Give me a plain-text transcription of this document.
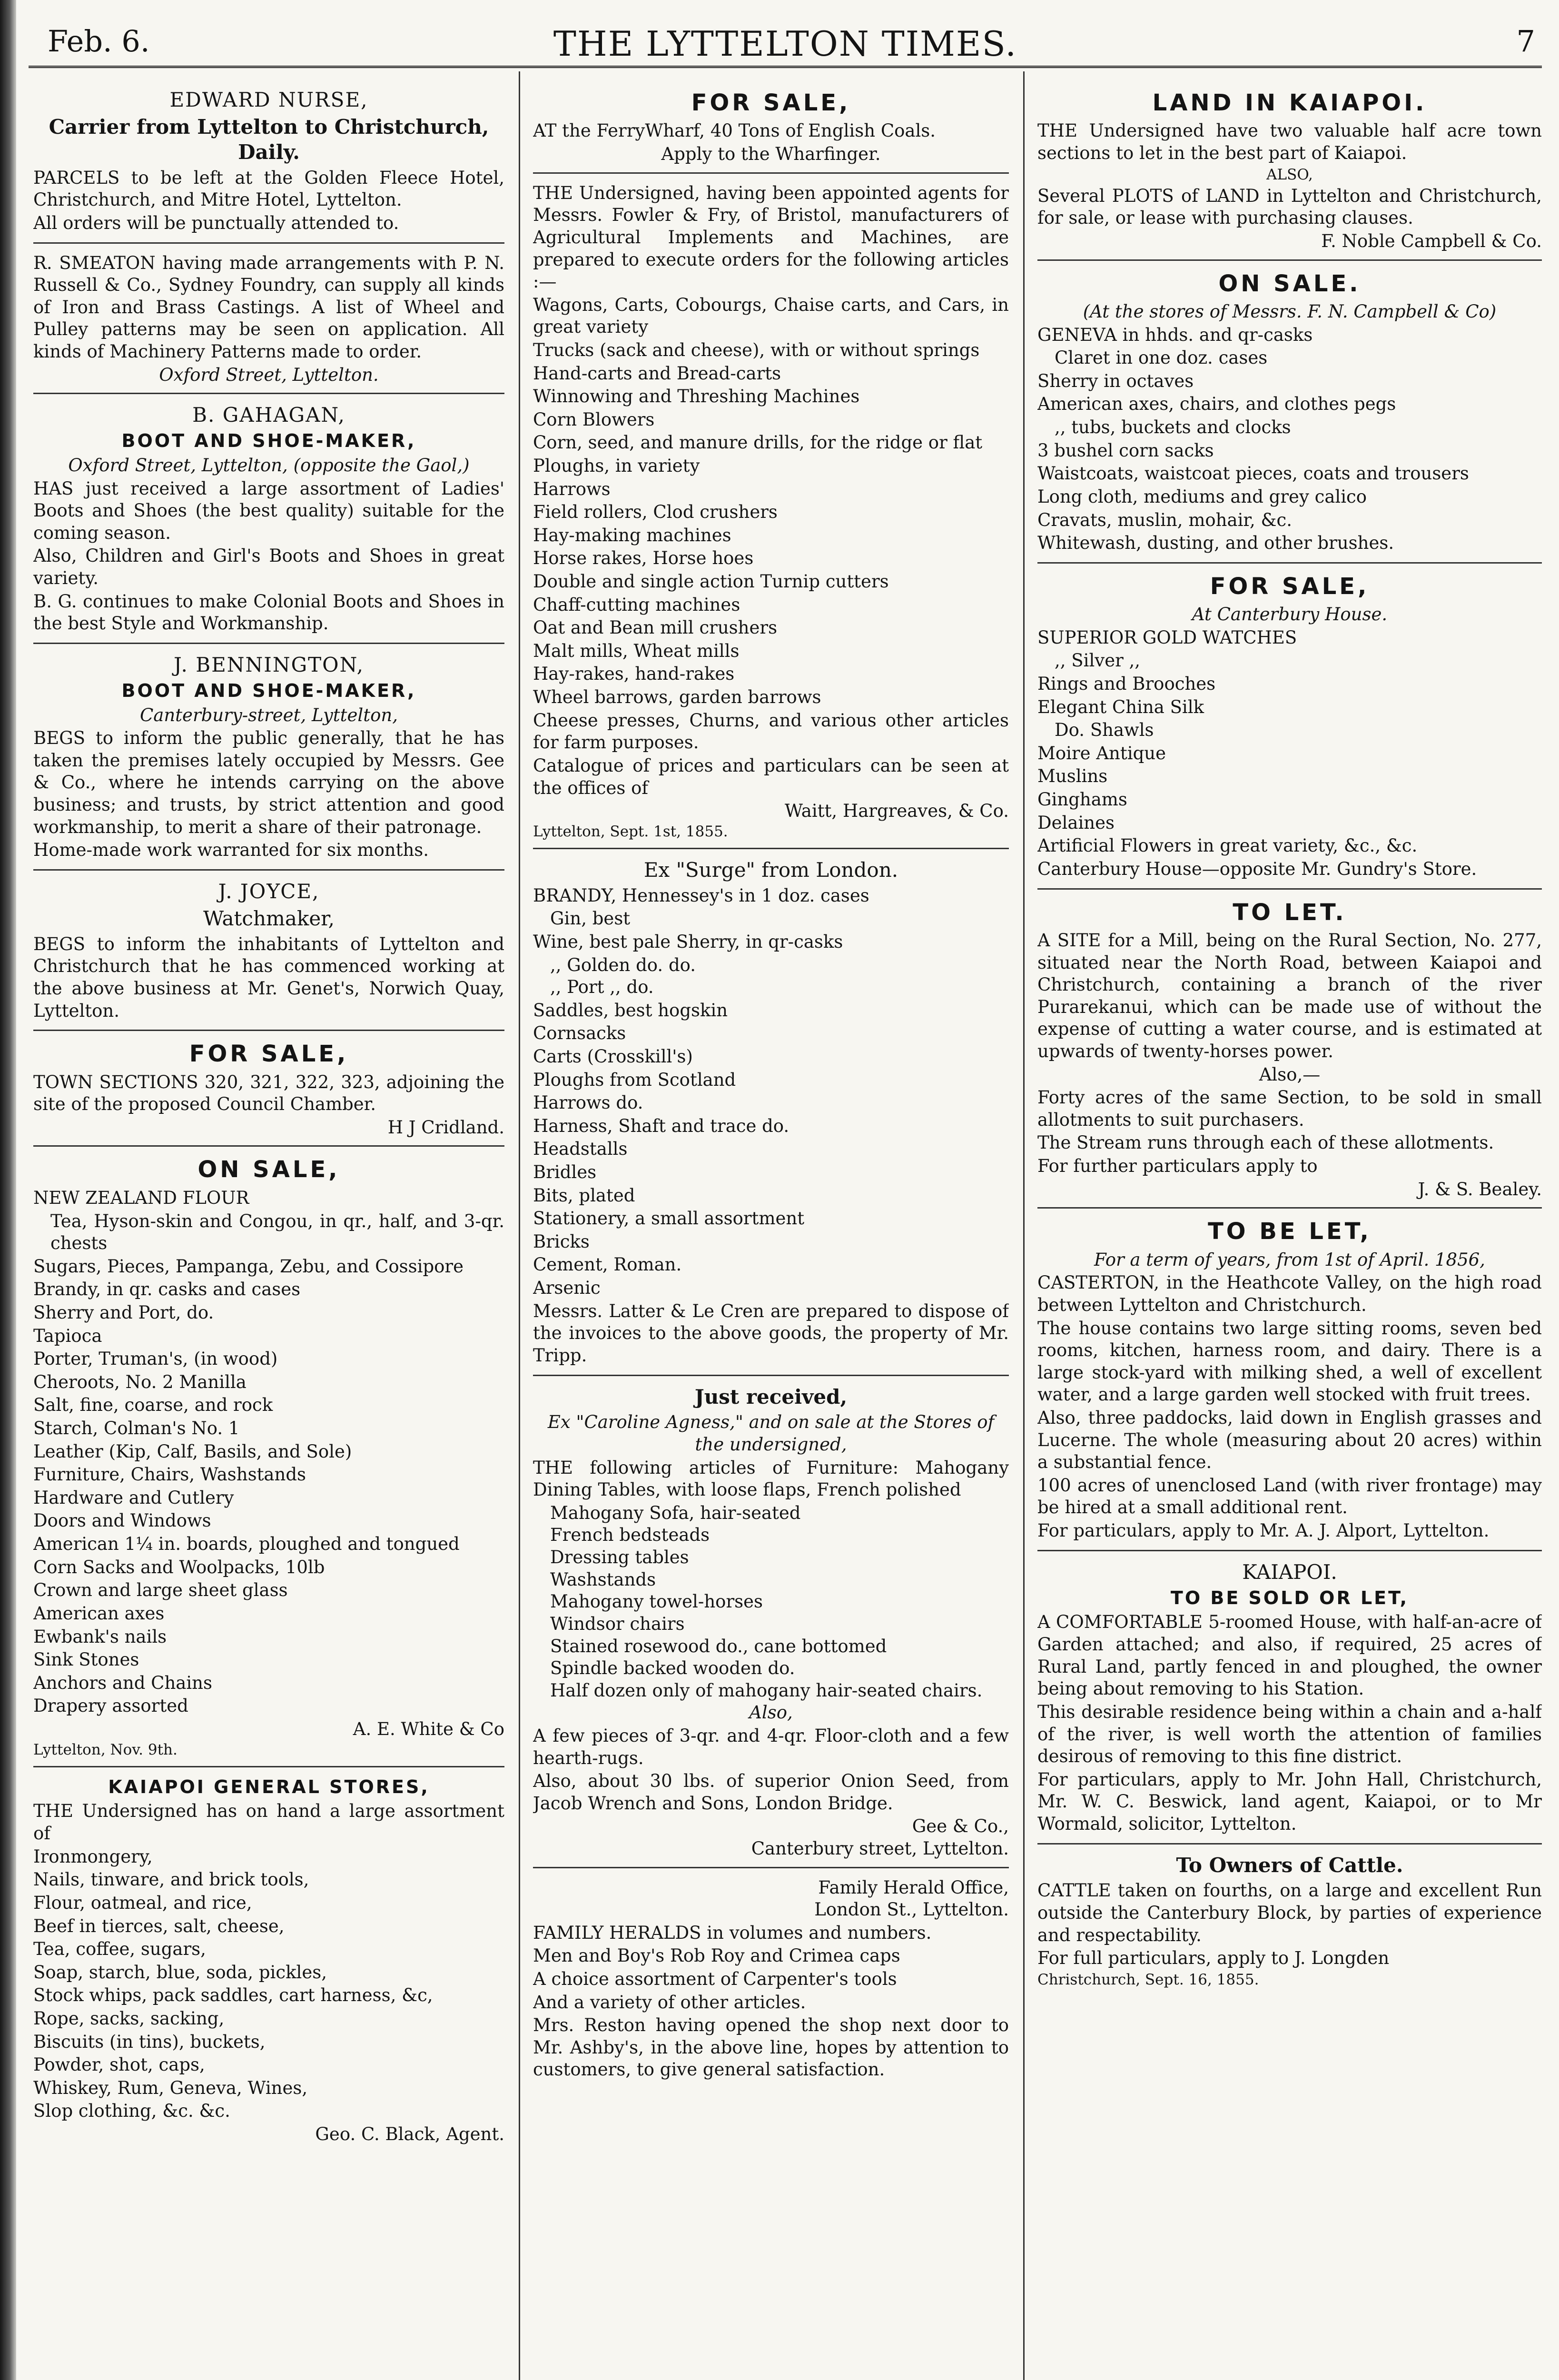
Feb. 6.	THE LYTTELTON TIMES.	7
EDWARD NURSE,
Carrier from Lyttelton to Christchurch, Daily.
PARCELS to be left at the Golden Fleece Hotel, Christchurch, and Mitre Hotel, Lyttelton.
All orders will be punctually attended to.
R. SMEATON having made arrangements with P. N. Russell & Co., Sydney Foundry, can supply all kinds of Iron and Brass Castings. A list of Wheel and Pulley patterns may be seen on application. All kinds of Machinery Patterns made to order.
Oxford Street, Lyttelton.
B. GAHAGAN,
BOOT AND SHOE-MAKER,
Oxford Street, Lyttelton, (opposite the Gaol,)
HAS just received a large assortment of Ladies' Boots and Shoes (the best quality) suitable for the coming season.
Also, Children and Girl's Boots and Shoes in great variety.
B. G. continues to make Colonial Boots and Shoes in the best Style and Workmanship.
J. BENNINGTON,
BOOT AND SHOE-MAKER,
Canterbury-street, Lyttelton,
BEGS to inform the public generally, that he has taken the premises lately occupied by Messrs. Gee & Co., where he intends carrying on the above business; and trusts, by strict attention and good workmanship, to merit a share of their patronage.
Home-made work warranted for six months.
J. JOYCE,
Watchmaker,
BEGS to inform the inhabitants of Lyttelton and Christchurch that he has commenced working at the above business at Mr. Genet's, Norwich Quay, Lyttelton.
FOR SALE,
TOWN SECTIONS 320, 321, 322, 323, adjoining the site of the proposed Council Chamber.
H J Cridland.
ON SALE,
NEW ZEALAND FLOUR
Tea, Hyson-skin and Congou, in qr., half, and 3-qr. chests
Sugars, Pieces, Pampanga, Zebu, and Cossipore
Brandy, in qr. casks and cases
Sherry and Port, do.
Tapioca
Porter, Truman's, (in wood)
Cheroots, No. 2 Manilla
Salt, fine, coarse, and rock
Starch, Colman's No. 1
Leather (Kip, Calf, Basils, and Sole)
Furniture, Chairs, Washstands
Hardware and Cutlery
Doors and Windows
American 1¼ in. boards, ploughed and tongued
Corn Sacks and Woolpacks, 10lb
Crown and large sheet glass
American axes
Ewbank's nails
Sink Stones
Anchors and Chains
Drapery assorted
A. E. White & Co
Lyttelton, Nov. 9th.
KAIAPOI GENERAL STORES,
THE Undersigned has on hand a large assortment of
Ironmongery,
Nails, tinware, and brick tools,
Flour, oatmeal, and rice,
Beef in tierces, salt, cheese,
Tea, coffee, sugars,
Soap, starch, blue, soda, pickles,
Stock whips, pack saddles, cart harness, &c,
Rope, sacks, sacking,
Biscuits (in tins), buckets,
Powder, shot, caps,
Whiskey, Rum, Geneva, Wines,
Slop clothing, &c. &c.
Geo. C. Black, Agent.
FOR SALE,
AT the FerryWharf, 40 Tons of English Coals.
Apply to the Wharfinger.
THE Undersigned, having been appointed agents for Messrs. Fowler & Fry, of Bristol, manufacturers of Agricultural Implements and Machines, are prepared to execute orders for the following articles :—
Wagons, Carts, Cobourgs, Chaise carts, and Cars, in great variety
Trucks (sack and cheese), with or without springs
Hand-carts and Bread-carts
Winnowing and Threshing Machines
Corn Blowers
Corn, seed, and manure drills, for the ridge or flat
Ploughs, in variety
Harrows
Field rollers, Clod crushers
Hay-making machines
Horse rakes, Horse hoes
Double and single action Turnip cutters
Chaff-cutting machines
Oat and Bean mill crushers
Malt mills, Wheat mills
Hay-rakes, hand-rakes
Wheel barrows, garden barrows
Cheese presses, Churns, and various other articles for farm purposes.
Catalogue of prices and particulars can be seen at the offices of
Waitt, Hargreaves, & Co.
Lyttelton, Sept. 1st, 1855.
Ex "Surge" from London.
BRANDY, Hennessey's in 1 doz. cases
Gin, best
Wine, best pale Sherry, in qr-casks
,, Golden do. do.
,, Port ,, do.
Saddles, best hogskin
Cornsacks
Carts (Crosskill's)
Ploughs from Scotland
Harrows do.
Harness, Shaft and trace do.
Headstalls
Bridles
Bits, plated
Stationery, a small assortment
Bricks
Cement, Roman.
Arsenic
Messrs. Latter & Le Cren are prepared to dispose of the invoices to the above goods, the property of Mr. Tripp.
Just received,
Ex "Caroline Agness," and on sale at the Stores of the undersigned,
THE following articles of Furniture: Mahogany Dining Tables, with loose flaps, French polished
Mahogany Sofa, hair-seated
French bedsteads
Dressing tables
Washstands
Mahogany towel-horses
Windsor chairs
Stained rosewood do., cane bottomed
Spindle backed wooden do.
Half dozen only of mahogany hair-seated chairs.
Also,
A few pieces of 3-qr. and 4-qr. Floor-cloth and a few hearth-rugs.
Also, about 30 lbs. of superior Onion Seed, from Jacob Wrench and Sons, London Bridge.
Gee & Co.,
Canterbury street, Lyttelton.
Family Herald Office,
London St., Lyttelton.
FAMILY HERALDS in volumes and numbers.
Men and Boy's Rob Roy and Crimea caps
A choice assortment of Carpenter's tools
And a variety of other articles.
Mrs. Reston having opened the shop next door to Mr. Ashby's, in the above line, hopes by attention to customers, to give general satisfaction.
LAND IN KAIAPOI.
THE Undersigned have two valuable half acre town sections to let in the best part of Kaiapoi.
ALSO,
Several PLOTS of LAND in Lyttelton and Christchurch, for sale, or lease with purchasing clauses.
F. Noble Campbell & Co.
ON SALE.
(At the stores of Messrs. F. N. Campbell & Co)
GENEVA in hhds. and qr-casks
Claret in one doz. cases
Sherry in octaves
American axes, chairs, and clothes pegs
,, tubs, buckets and clocks
3 bushel corn sacks
Waistcoats, waistcoat pieces, coats and trousers
Long cloth, mediums and grey calico
Cravats, muslin, mohair, &c.
Whitewash, dusting, and other brushes.
FOR SALE,
At Canterbury House.
SUPERIOR GOLD WATCHES
,, Silver ,,
Rings and Brooches
Elegant China Silk
Do. Shawls
Moire Antique
Muslins
Ginghams
Delaines
Artificial Flowers in great variety, &c., &c.
Canterbury House—opposite Mr. Gundry's Store.
TO LET.
A SITE for a Mill, being on the Rural Section, No. 277, situated near the North Road, between Kaiapoi and Christchurch, containing a branch of the river Purarekanui, which can be made use of without the expense of cutting a water course, and is estimated at upwards of twenty-horses power.
Also,—
Forty acres of the same Section, to be sold in small allotments to suit purchasers.
The Stream runs through each of these allotments.
For further particulars apply to
J. & S. Bealey.
TO BE LET,
For a term of years, from 1st of April. 1856,
CASTERTON, in the Heathcote Valley, on the high road between Lyttelton and Christchurch.
The house contains two large sitting rooms, seven bed rooms, kitchen, harness room, and dairy. There is a large stock-yard with milking shed, a well of excellent water, and a large garden well stocked with fruit trees.
Also, three paddocks, laid down in English grasses and Lucerne. The whole (measuring about 20 acres) within a substantial fence.
100 acres of unenclosed Land (with river frontage) may be hired at a small additional rent.
For particulars, apply to Mr. A. J. Alport, Lyttelton.
KAIAPOI.
TO BE SOLD OR LET,
A COMFORTABLE 5-roomed House, with half-an-acre of Garden attached; and also, if required, 25 acres of Rural Land, partly fenced in and ploughed, the owner being about removing to his Station.
This desirable residence being within a chain and a-half of the river, is well worth the attention of families desirous of removing to this fine district.
For particulars, apply to Mr. John Hall, Christchurch, Mr. W. C. Beswick, land agent, Kaiapoi, or to Mr Wormald, solicitor, Lyttelton.
To Owners of Cattle.
CATTLE taken on fourths, on a large and excellent Run outside the Canterbury Block, by parties of experience and respectability.
For full particulars, apply to J. Longden
Christchurch, Sept. 16, 1855.
